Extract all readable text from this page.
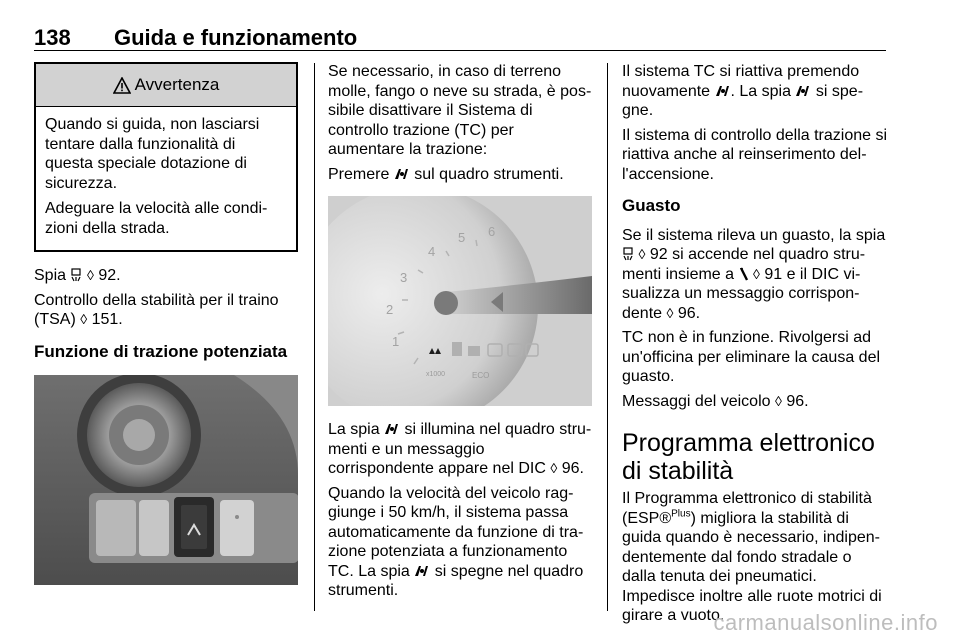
138 Guida e funzionamento
Avvertenza

Quando si guida, non lasciarsi tentare dalla funzionalità di questa speciale dotazione di sicurezza.

Adeguare la velocità alle condizioni della strada.

Spia ◊ 92.

Controllo della stabilità per il traino (TSA) ◊ 151.

Funzione di trazione potenziata

Se necessario, in caso di terreno molle, fango o neve su strada, è possibile disattivare il Sistema di controllo trazione (TC) per aumentare la trazione:

Premere sul quadro strumenti.

1
2
3
4
5 6
x1000	ECO

La spia si illumina nel quadro strumenti e un messaggio corrispondente appare nel DIC ◊ 96.

Quando la velocità del veicolo raggiunge i 50 km/h, il sistema passa automaticamente da funzione di trazione potenziata a funzionamento TC. La spia si spegne nel quadro strumenti.

Il sistema TC si riattiva premendo nuovamente . La spia si spegne.

Il sistema di controllo della trazione si riattiva anche al reinserimento dell'accensione.

Guasto

Se il sistema rileva un guasto, la spia  ◊ 92 si accende nel quadro strumenti insieme a ◊ 91 e il DIC visualizza un messaggio corrispondente ◊ 96.

TC non è in funzione. Rivolgersi ad un'officina per eliminare la causa del guasto.

Messaggi del veicolo ◊ 96.

Programma elettronico di stabilità

Il Programma elettronico di stabilità (ESP®$^{Plus}$) migliora la stabilità di guida quando è necessario, indipendentemente dal fondo stradale o dalla tenuta dei pneumatici. Impedisce inoltre alle ruote motrici di girare a vuoto.

carmanualsonline.info
